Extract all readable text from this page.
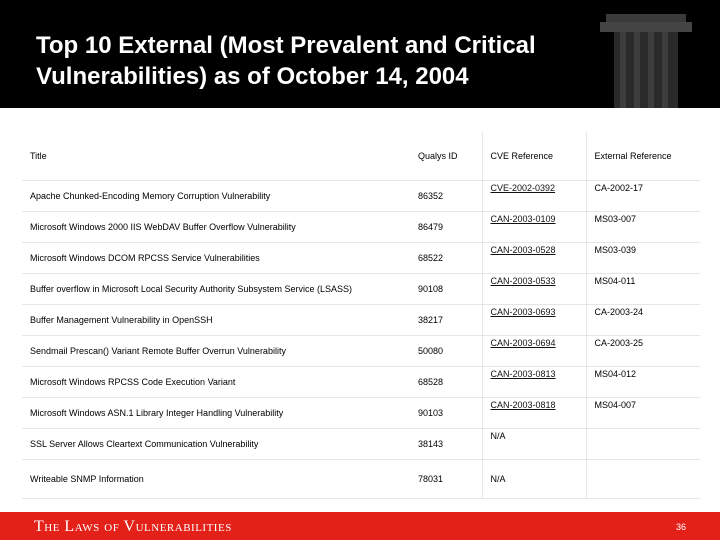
Top 10 External (Most Prevalent and Critical
Vulnerabilities) as of October 14, 2004
Title	Qualys ID	CVE Reference	External Reference
Apache Chunked-Encoding Memory Corruption Vulnerability	86352	CVE-2002-0392	CA-2002-17
Microsoft Windows 2000 IIS WebDAV Buffer Overflow Vulnerability	86479	CAN-2003-0109	MS03-007
Microsoft Windows DCOM RPCSS Service Vulnerabilities	68522	CAN-2003-0528	MS03-039
Buffer overflow in Microsoft Local Security Authority Subsystem Service (LSASS)	90108	CAN-2003-0533	MS04-011
Buffer Management Vulnerability in OpenSSH	38217	CAN-2003-0693	CA-2003-24
Sendmail Prescan() Variant Remote Buffer Overrun Vulnerability	50080	CAN-2003-0694	CA-2003-25
Microsoft Windows RPCSS Code Execution Variant	68528	CAN-2003-0813	MS04-012
Microsoft Windows ASN.1 Library Integer Handling Vulnerability	90103	CAN-2003-0818	MS04-007
SSL Server Allows Cleartext Communication Vulnerability	38143	N/A	
Writeable SNMP Information	78031	N/A	
The Laws of Vulnerabilities	36
